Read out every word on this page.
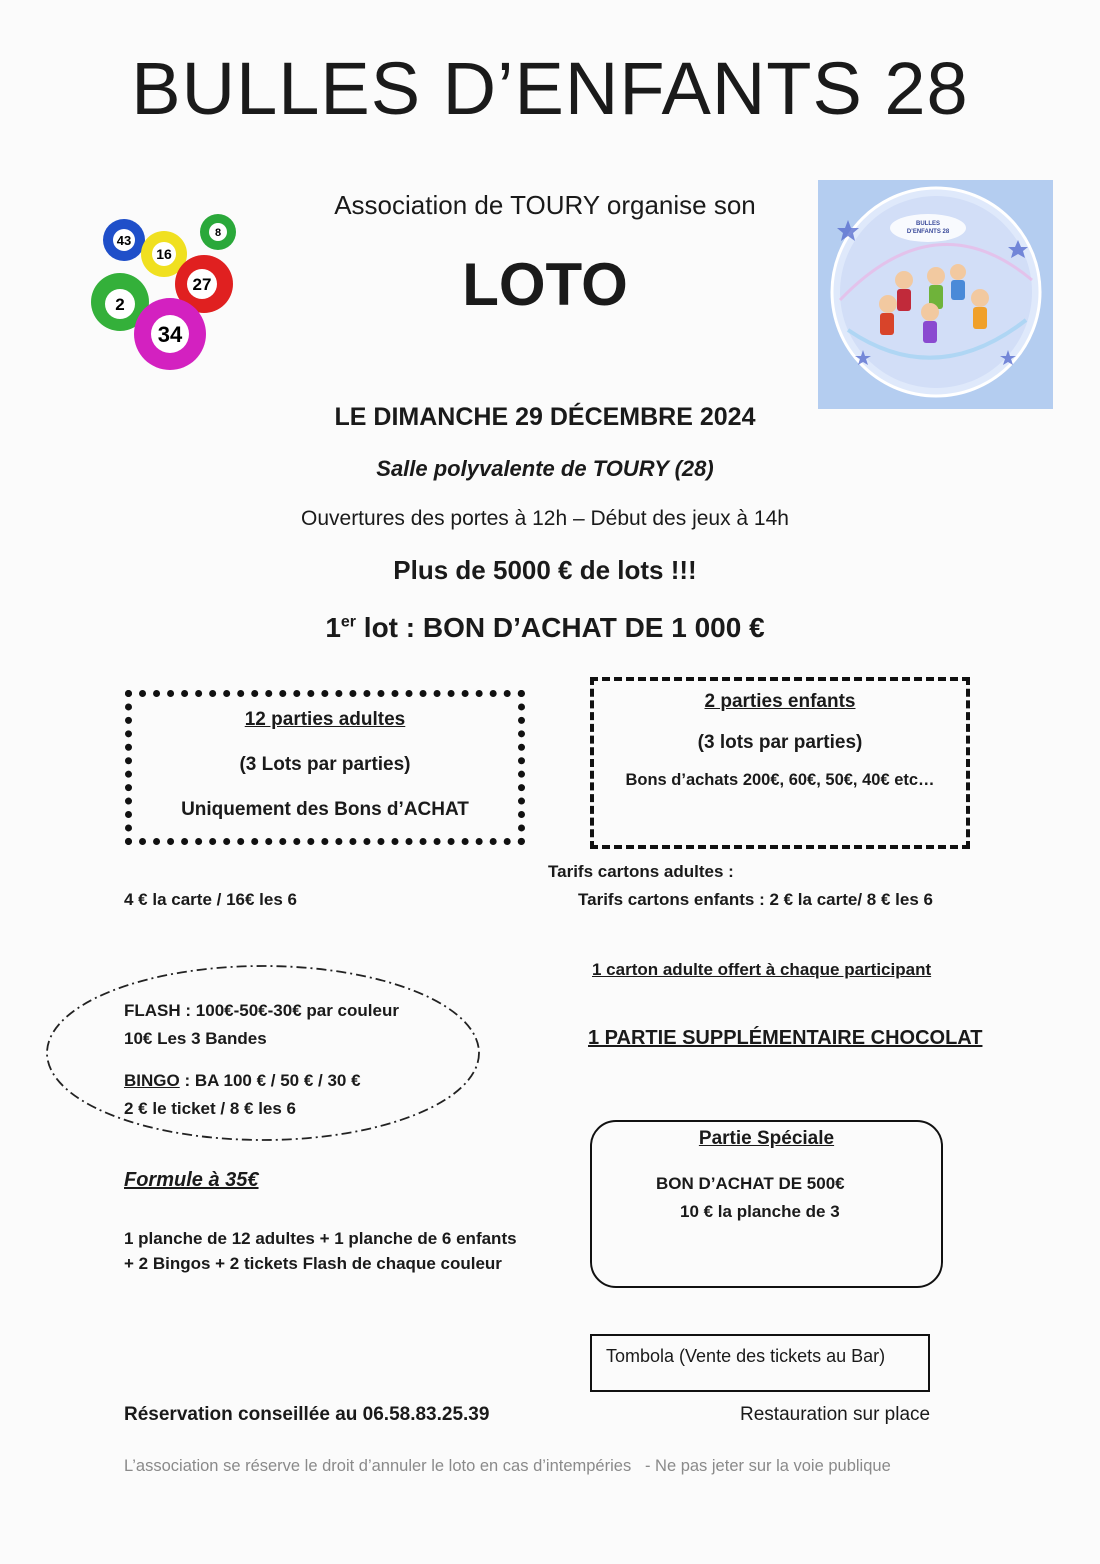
BULLES D’ENFANTS 28
Association de TOURY organise son
LOTO
43	8
16
27
2
34
BULLES
D’ENFANTS 28
LE DIMANCHE 29 DÉCEMBRE 2024
Salle polyvalente de TOURY (28)
Ouvertures des portes à 12h – Début des jeux à 14h
Plus de 5000 € de lots !!!
1er lot : BON D’ACHAT DE 1 000 €
12 parties adultes
(3 Lots par parties)
Uniquement des Bons d’ACHAT
2 parties enfants
(3 lots par parties)
Bons d’achats 200€, 60€, 50€, 40€ etc…
Tarifs cartons adultes :
4 € la carte / 16€ les 6	Tarifs cartons enfants : 2 € la carte/ 8 € les 6
1 carton adulte offert à chaque participant
1 PARTIE SUPPLÉMENTAIRE CHOCOLAT
FLASH : 100€-50€-30€ par couleur
10€ Les 3 Bandes
BINGO : BA 100 € / 50 € / 30 €
2 € le ticket / 8 € les 6
Formule à 35€
1 planche de 12 adultes + 1 planche de 6 enfants
+ 2 Bingos + 2 tickets Flash de chaque couleur
Partie Spéciale
BON D’ACHAT DE 500€
10 € la planche de 3
Tombola (Vente des tickets au Bar)
Réservation conseillée au 06.58.83.25.39	Restauration sur place
L’association se réserve le droit d’annuler le loto en cas d’intempéries   - Ne pas jeter sur la voie publique
